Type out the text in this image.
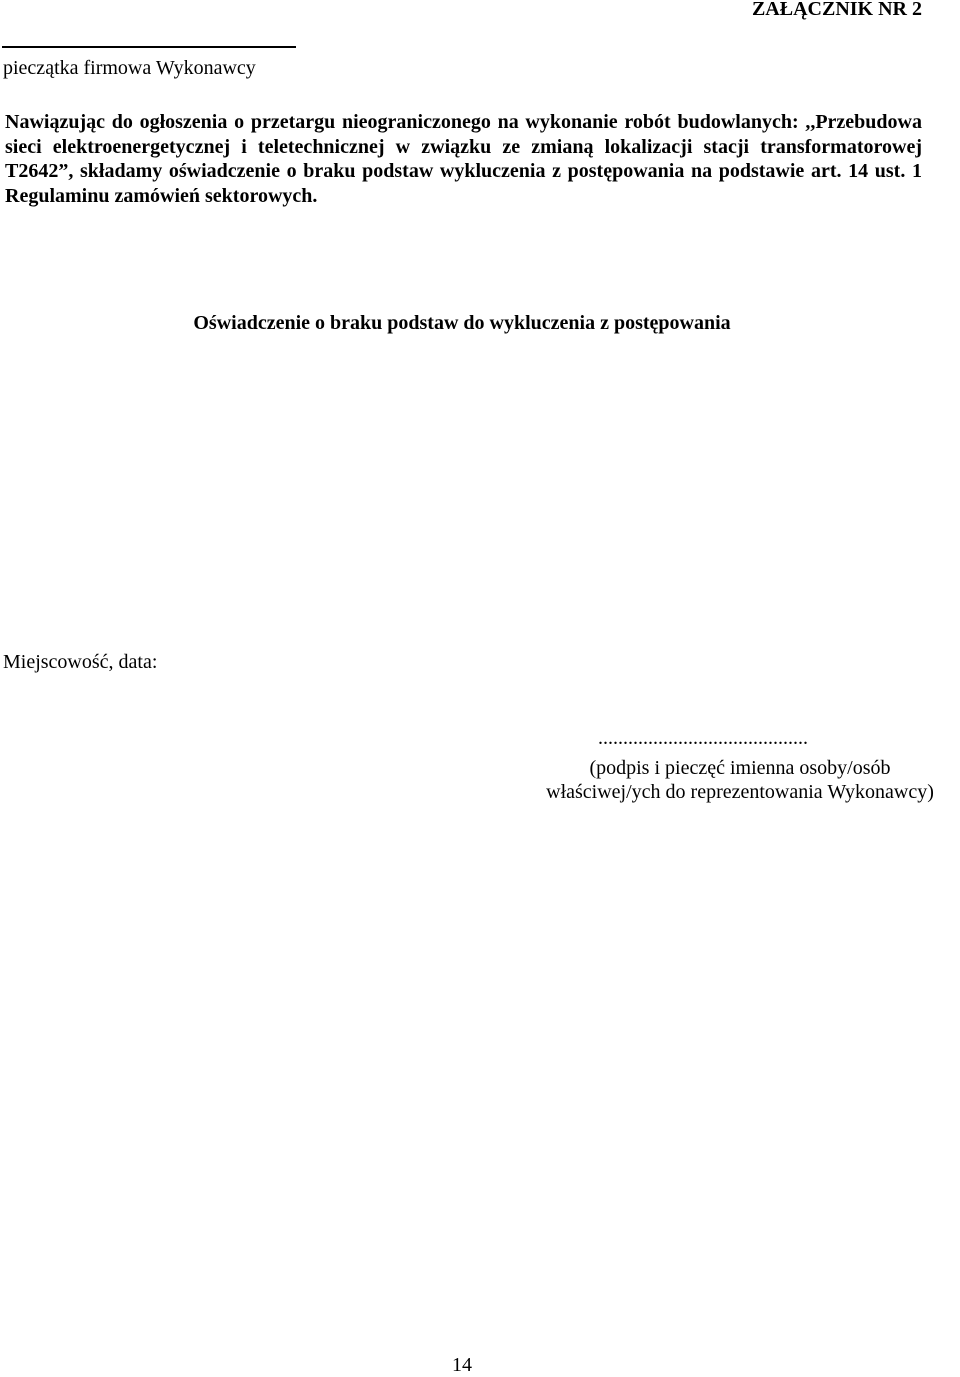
ZAŁĄCZNIK NR 2

pieczątka firmowa Wykonawcy

Nawiązując do ogłoszenia o przetargu nieograniczonego na wykonanie robót budowlanych: ,,Przebudowa sieci elektroenergetycznej i teletechnicznej w związku ze zmianą lokalizacji stacji transformatorowej T2642”, składamy oświadczenie o braku podstaw wykluczenia z postępowania na podstawie art. 14 ust. 1 Regulaminu zamówień sektorowych.

Oświadczenie o braku podstaw do wykluczenia z postępowania

Miejscowość, data:

..........................................
(podpis i pieczęć imienna osoby/osób
właściwej/ych do reprezentowania Wykonawcy)

14
